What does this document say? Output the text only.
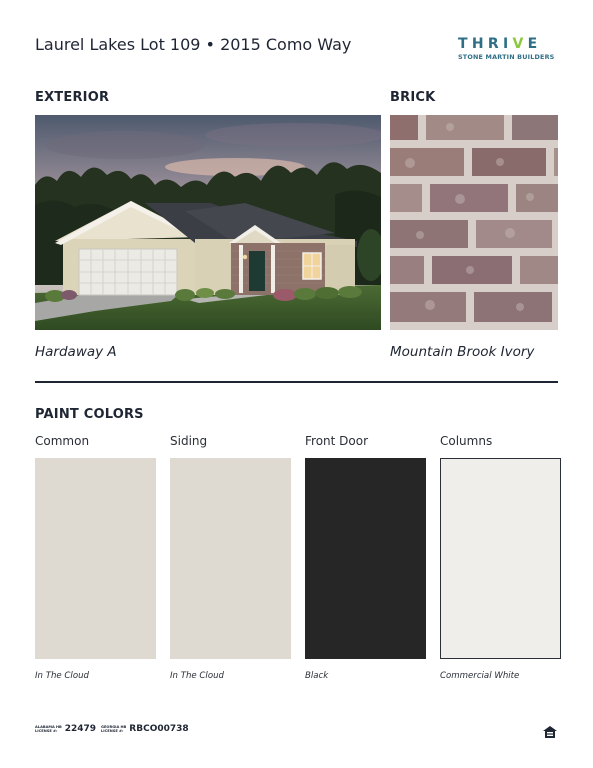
Laurel Lakes Lot 109 • 2015 Como Way	THRIVE
STONE MARTIN BUILDERS
EXTERIOR
Hardaway A
BRICK
Mountain Brook Ivory
PAINT COLORS
Common	Siding	Front Door	Columns
In The Cloud	In The Cloud	Black	Commercial White
ALABAMA HB
LICENSE #: 22479 GEORGIA HB
LICENSE #: RBCO00738
